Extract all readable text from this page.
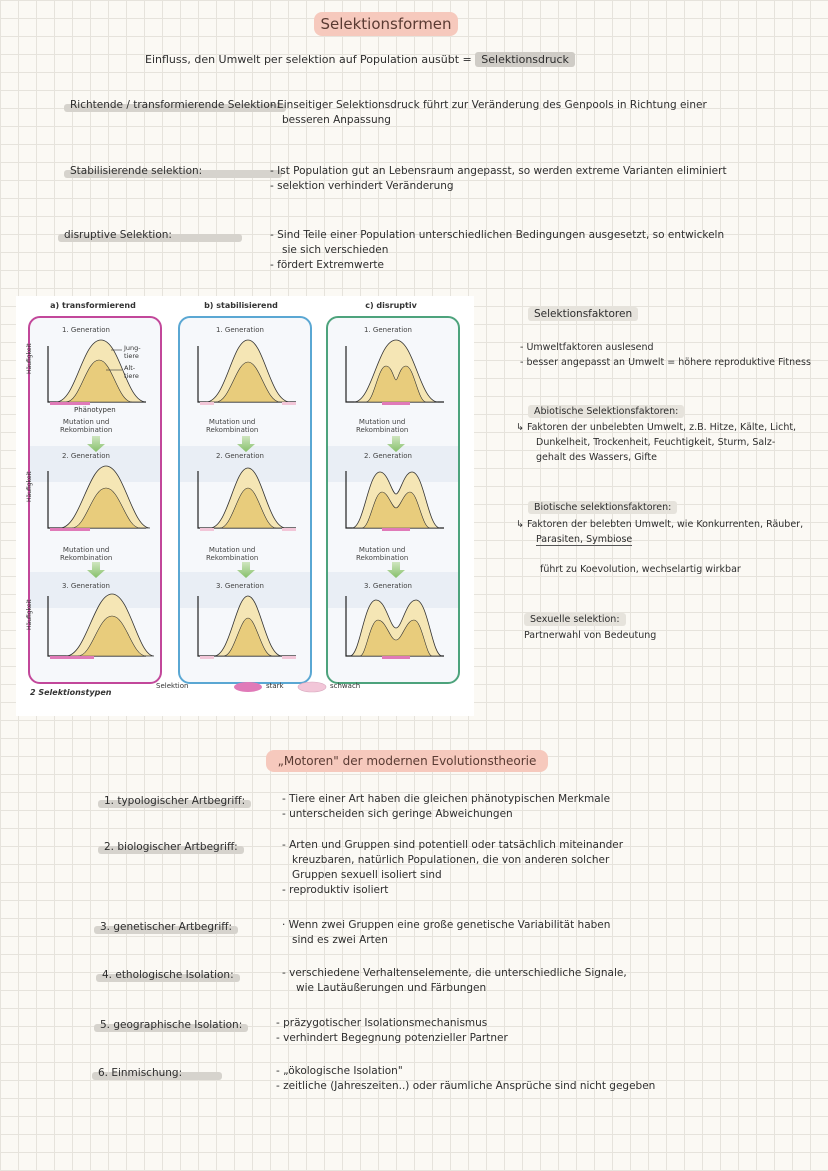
Selektionsformen
Einfluss, den Umwelt per selektion auf Population ausübt = Selektionsdruck
Richtende / transformierende Selektion:
- Einseitiger Selektionsdruck führt zur Veränderung des Genpools in Richtung einer
besseren Anpassung
Stabilisierende selektion:	- Ist Population gut an Lebensraum angepasst, so werden extreme Varianten eliminiert
- selektion verhindert Veränderung
disruptive Selektion:	- Sind Teile einer Population unterschiedlichen Bedingungen ausgesetzt, so entwickeln
sie sich verschieden
- fördert Extremwerte
a) transformierend	b) stabilisierend	c) disruptiv
1. Generation	1. Generation	1. Generation
2. Generation	2. Generation	2. Generation
3. Generation	3. Generation	3. Generation
Mutation und
Rekombination
Mutation und
Rekombination
Mutation und
Rekombination
Mutation und
Rekombination
Mutation und
Rekombination
Mutation und
Rekombination
Phänotypen
Häufigkeit
Häufigkeit
Häufigkeit
Jung-
tiere
Alt-
tiere
2 Selektionstypen
Selektion	stark	schwach
Selektionsfaktoren
- Umweltfaktoren auslesend
- besser angepasst an Umwelt = höhere reproduktive Fitness
Abiotische Selektionsfaktoren:
↳ Faktoren der unbelebten Umwelt, z.B. Hitze, Kälte, Licht,
Dunkelheit, Trockenheit, Feuchtigkeit, Sturm, Salz-
gehalt des Wassers, Gifte
Biotische selektionsfaktoren:
↳ Faktoren der belebten Umwelt, wie Konkurrenten, Räuber,
Parasiten, Symbiose
führt zu Koevolution, wechselartig wirkbar
Sexuelle selektion:
Partnerwahl von Bedeutung
„Motoren" der modernen Evolutionstheorie
1. typologischer Artbegriff:	- Tiere einer Art haben die gleichen phänotypischen Merkmale
- unterscheiden sich geringe Abweichungen
2. biologischer Artbegriff:	- Arten und Gruppen sind potentiell oder tatsächlich miteinander
kreuzbaren, natürlich Populationen, die von anderen solcher
Gruppen sexuell isoliert sind
- reproduktiv isoliert
3. genetischer Artbegriff:	· Wenn zwei Gruppen eine große genetische Variabilität haben
sind es zwei Arten
4. ethologische Isolation:	- verschiedene Verhaltenselemente, die unterschiedliche Signale,
wie Lautäußerungen und Färbungen
5. geographische Isolation:	- präzygotischer Isolationsmechanismus
- verhindert Begegnung potenzieller Partner
6. Einmischung:	- „ökologische Isolation"
- zeitliche (Jahreszeiten..) oder räumliche Ansprüche sind nicht gegeben
